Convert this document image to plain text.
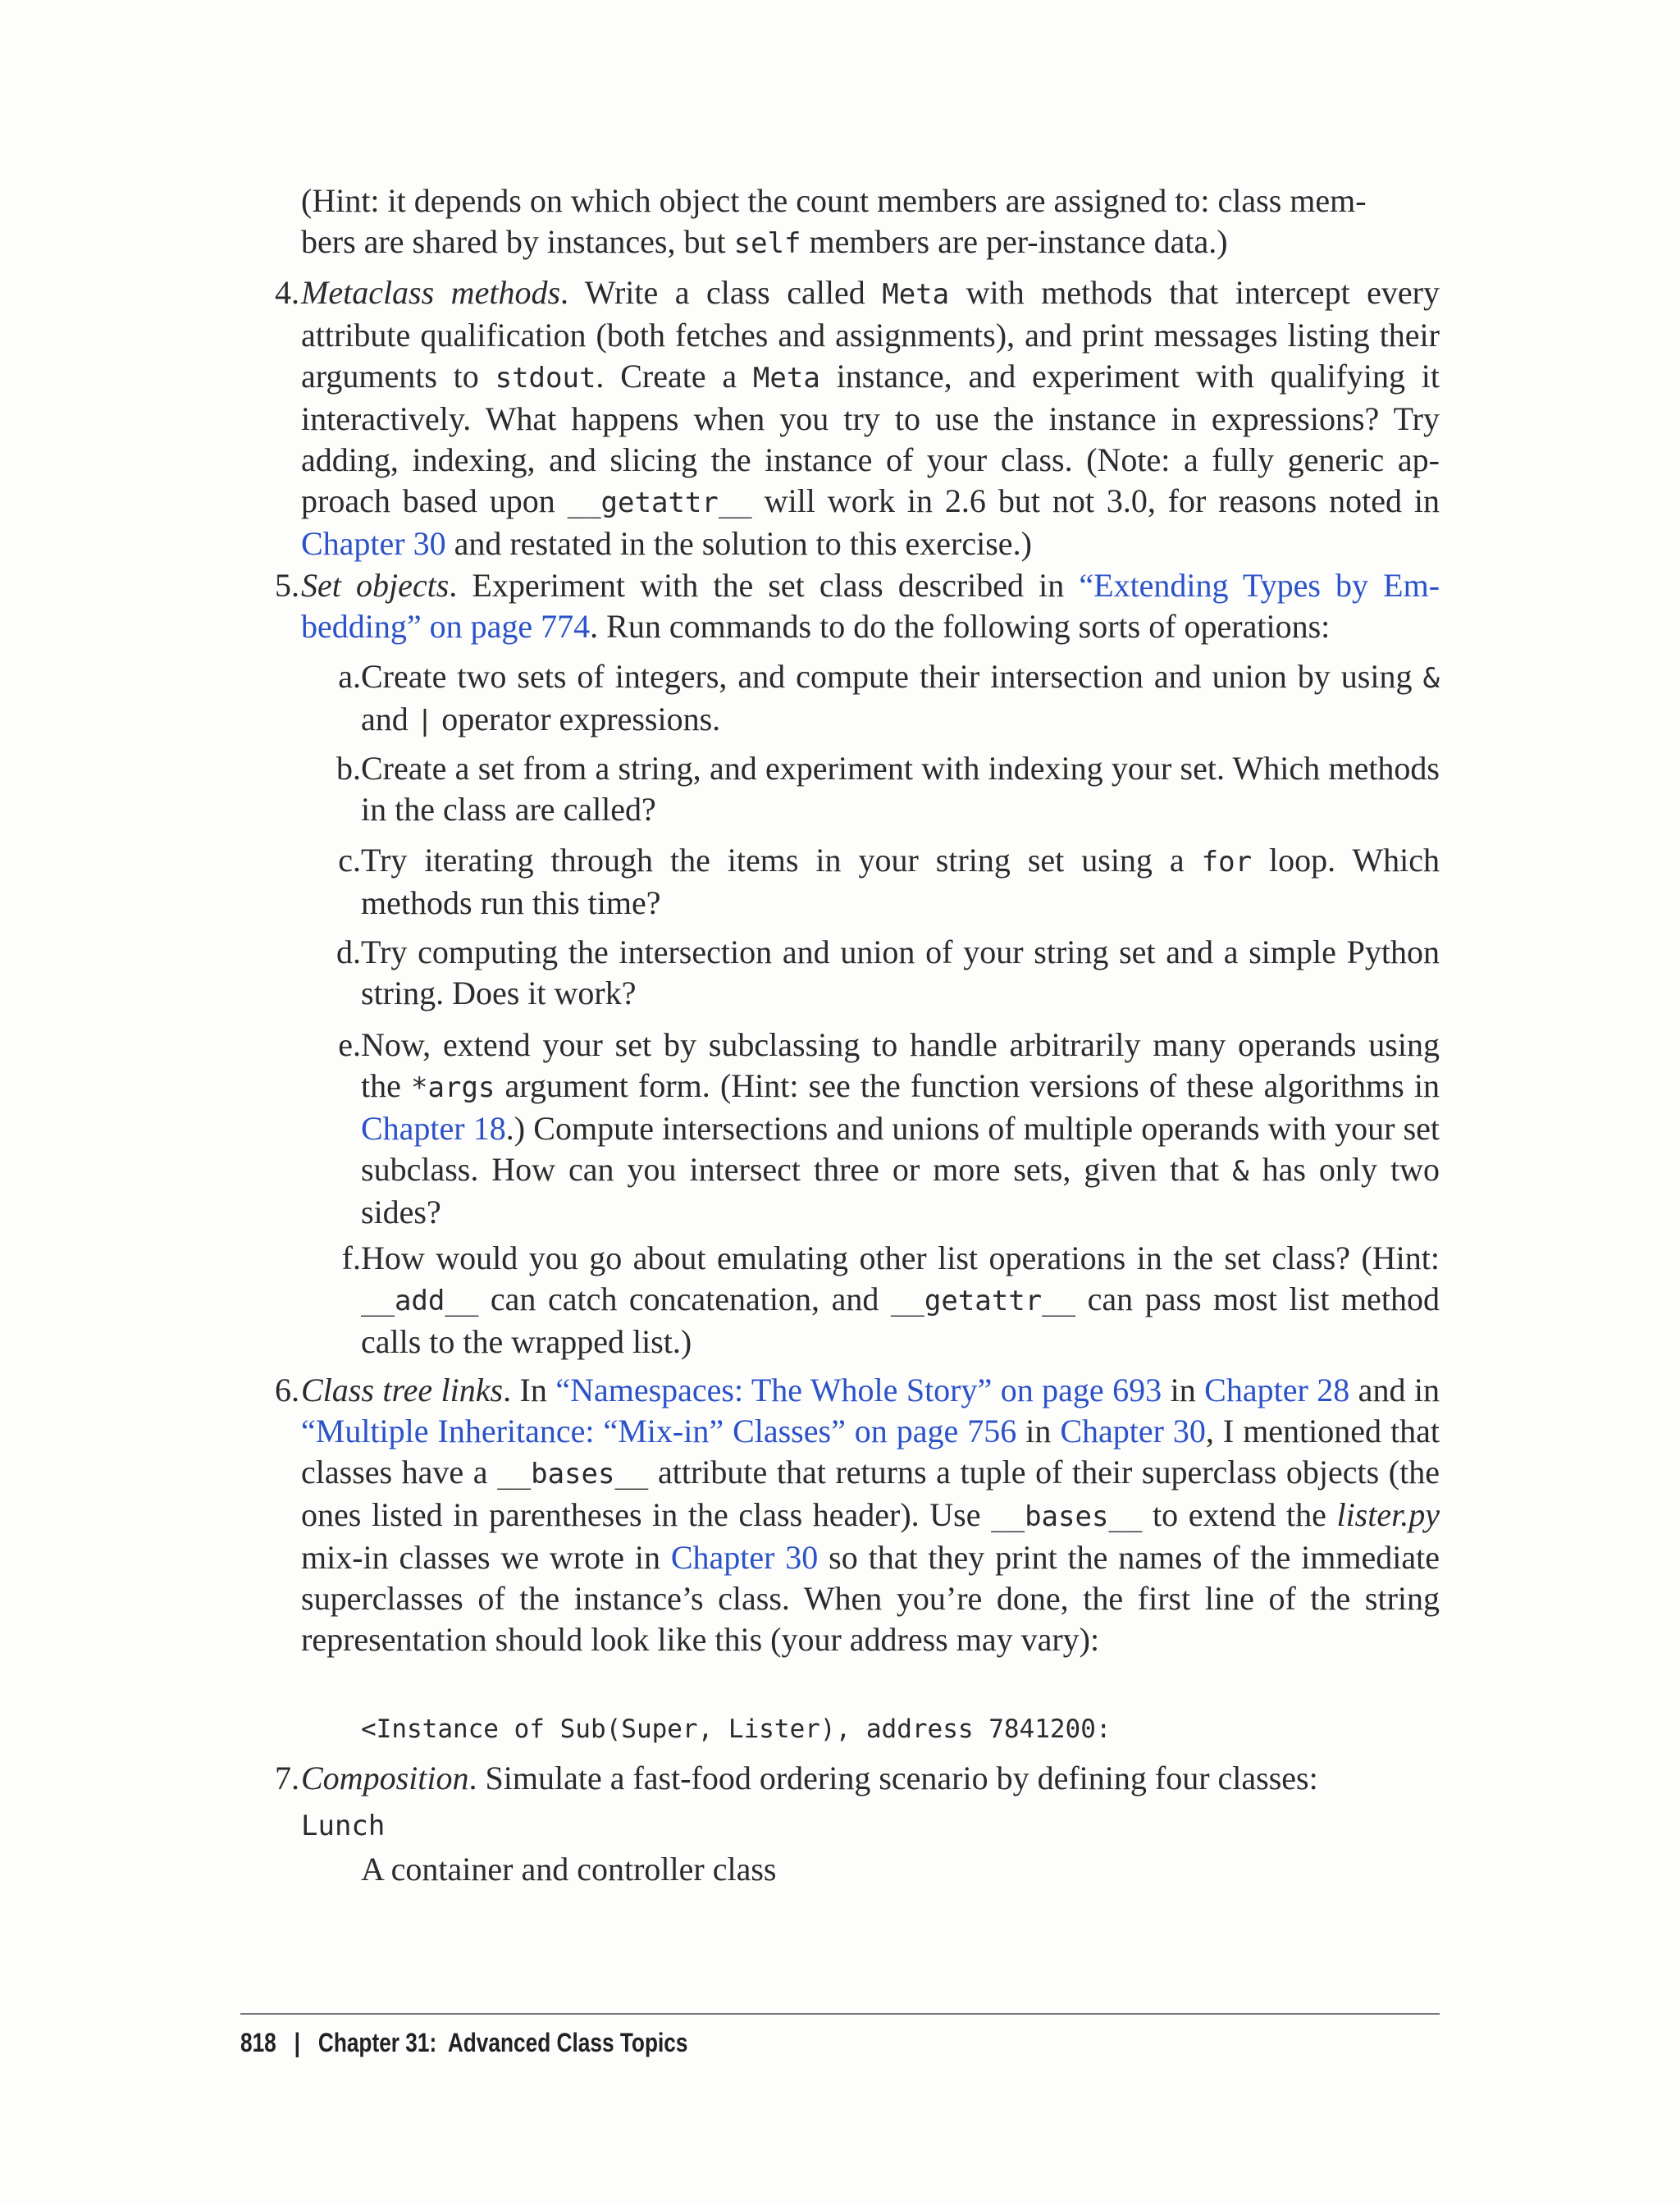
(Hint: it depends on which object the count members are assigned to: class mem-
bers are shared by instances, but self members are per-instance data.)
4. Metaclass methods. Write a class called Meta with methods that intercept every attribute qualification (both fetches and assignments), and print messages listing their arguments to stdout. Create a Meta instance, and experiment with qualifying it interactively. What happens when you try to use the instance in expressions? Try adding, indexing, and slicing the instance of your class. (Note: a fully generic approach based upon __getattr__ will work in 2.6 but not 3.0, for reasons noted in Chapter 30 and restated in the solution to this exercise.)
5. Set objects. Experiment with the set class described in “Extending Types by Embedding” on page 774. Run commands to do the following sorts of operations:
a. Create two sets of integers, and compute their intersection and union by using & and | operator expressions.
b. Create a set from a string, and experiment with indexing your set. Which methods in the class are called?
c. Try iterating through the items in your string set using a for loop. Which methods run this time?
d. Try computing the intersection and union of your string set and a simple Python string. Does it work?
e. Now, extend your set by subclassing to handle arbitrarily many operands using the *args argument form. (Hint: see the function versions of these algorithms in Chapter 18.) Compute intersections and unions of multiple operands with your set subclass. How can you intersect three or more sets, given that & has only two sides?
f. How would you go about emulating other list operations in the set class? (Hint: __add__ can catch concatenation, and __getattr__ can pass most list method calls to the wrapped list.)
6. Class tree links. In “Namespaces: The Whole Story” on page 693 in Chapter 28 and in “Multiple Inheritance: “Mix-in” Classes” on page 756 in Chapter 30, I mentioned that classes have a __bases__ attribute that returns a tuple of their superclass objects (the ones listed in parentheses in the class header). Use __bases__ to extend the lister.py mix-in classes we wrote in Chapter 30 so that they print the names of the immediate superclasses of the instance’s class. When you’re done, the first line of the string representation should look like this (your address may vary):
<Instance of Sub(Super, Lister), address 7841200:
7. Composition. Simulate a fast-food ordering scenario by defining four classes:
Lunch
A container and controller class
818 | Chapter 31:  Advanced Class Topics
